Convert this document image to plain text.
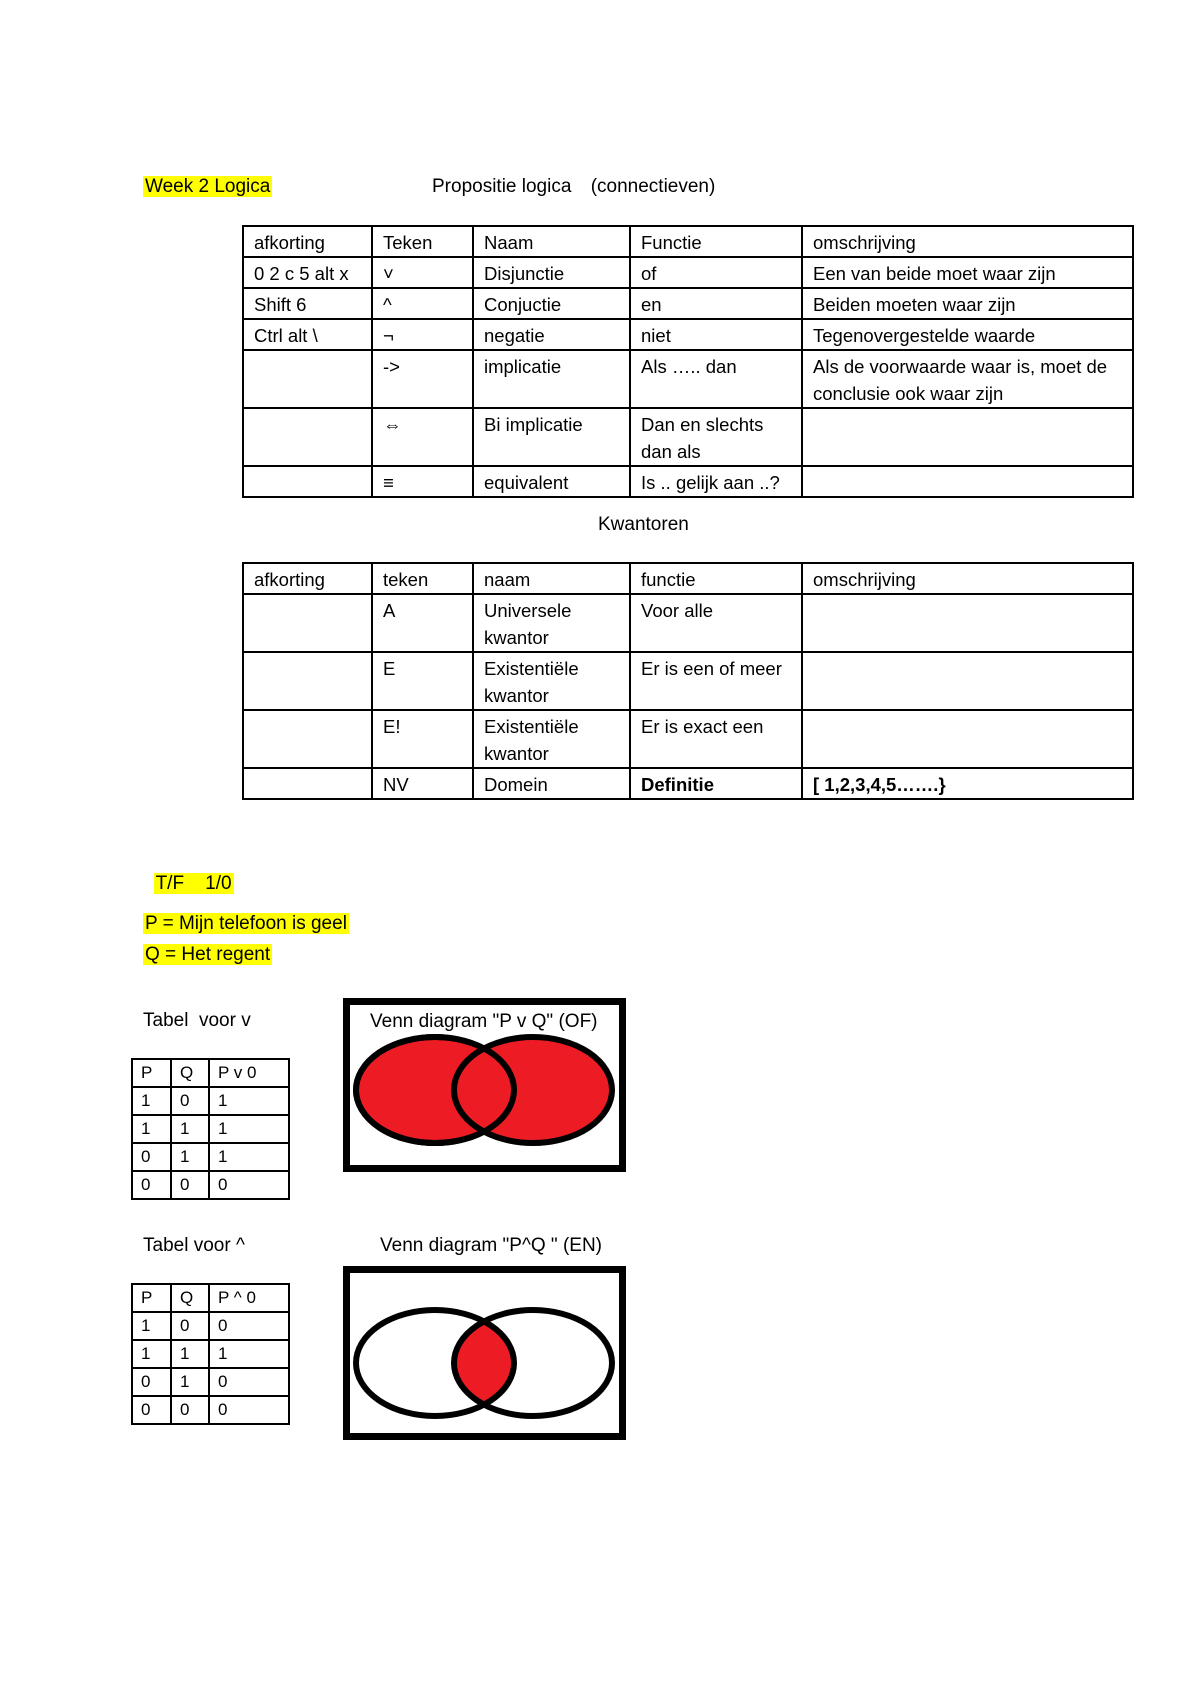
Week 2 Logica	Propositie logica (connectieven)
afkorting	Teken	Naam	Functie	omschrijving
0 2 c 5 alt x	˅	Disjunctie	of	Een van beide moet waar zijn
Shift 6	^	Conjuctie	en	Beiden moeten waar zijn
Ctrl alt \	¬	negatie	niet	Tegenovergestelde waarde
	->	implicatie	Als ….. dan	Als de voorwaarde waar is, moet de conclusie ook waar zijn
	⇔	Bi implicatie	Dan en slechts dan als	
	≡	equivalent	Is .. gelijk aan ..?	
Kwantoren
afkorting	teken	naam	functie	omschrijving
	A	Universele kwantor	Voor alle	
	E	Existentiële kwantor	Er is een of meer	
	E!	Existentiële kwantor	Er is exact een	
	NV	Domein	Definitie	[ 1,2,3,4,5…….}

T/F    1/0

P = Mijn telefoon is geel
Q = Het regent
Tabel  voor v
P	Q	P v 0
1	0	1
1	1	1
0	1	1
0	0	0
Venn diagram "P v Q" (OF)
Tabel voor ^	Venn diagram "P^Q " (EN)
P	Q	P ^ 0
1	0	0
1	1	1
0	1	0
0	0	0
